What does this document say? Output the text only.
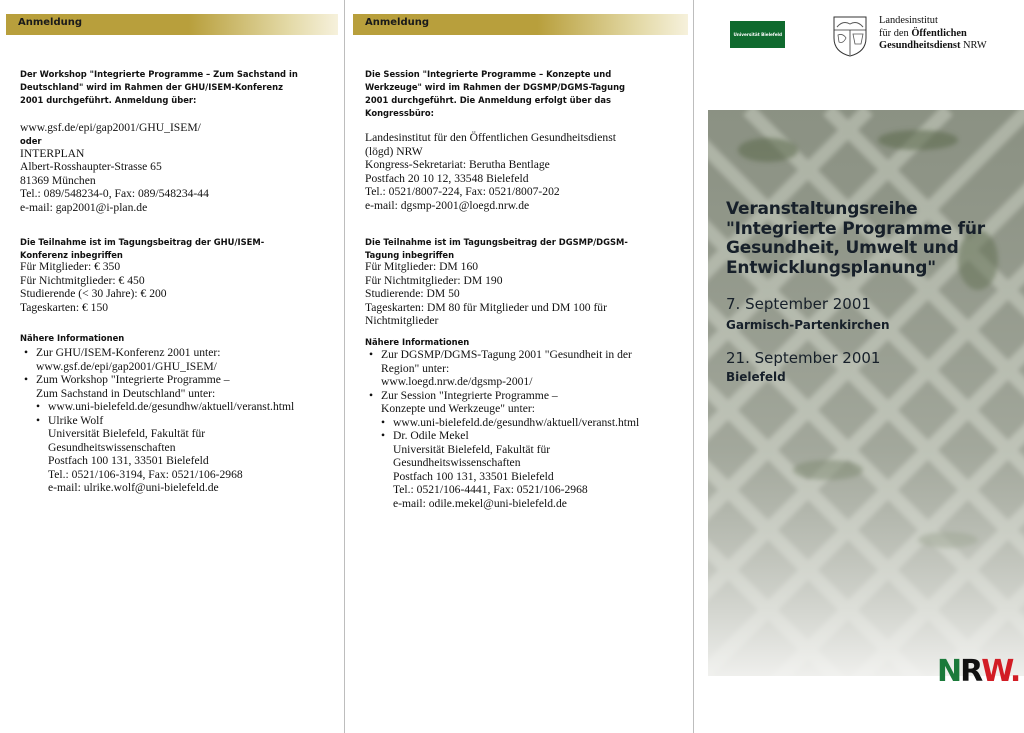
Anmeldung
Der Workshop "Integrierte Programme – Zum Sachstand in
Deutschland" wird im Rahmen der GHU/ISEM-Konferenz
2001 durchgeführt. Anmeldung über:
www.gsf.de/epi/gap2001/GHU_ISEM/
oder
INTERPLAN
Albert-Rosshaupter-Strasse 65
81369 München
Tel.: 089/548234-0, Fax: 089/548234-44
e-mail: gap2001@i-plan.de
Die Teilnahme ist im Tagungsbeitrag der GHU/ISEM-
Konferenz inbegriffen
Für Mitglieder: € 350
Für Nichtmitglieder: € 450
Studierende (< 30 Jahre): € 200
Tageskarten: € 150
Nähere Informationen
• Zur GHU/ISEM-Konferenz 2001 unter:
www.gsf.de/epi/gap2001/GHU_ISEM/
• Zum Workshop "Integrierte Programme –
Zum Sachstand in Deutschland" unter:
• www.uni-bielefeld.de/gesundhw/aktuell/veranst.html
• Ulrike Wolf
Universität Bielefeld, Fakultät für
Gesundheitswissenschaften
Postfach 100 131, 33501 Bielefeld
Tel.: 0521/106-3194, Fax: 0521/106-2968
e-mail: ulrike.wolf@uni-bielefeld.de
Anmeldung
Die Session "Integrierte Programme – Konzepte und
Werkzeuge" wird im Rahmen der DGSMP/DGMS-Tagung
2001 durchgeführt. Die Anmeldung erfolgt über das
Kongressbüro:
Landesinstitut für den Öffentlichen Gesundheitsdienst
(lögd) NRW
Kongress-Sekretariat: Berutha Bentlage
Postfach 20 10 12, 33548 Bielefeld
Tel.: 0521/8007-224, Fax: 0521/8007-202
e-mail: dgsmp-2001@loegd.nrw.de
Die Teilnahme ist im Tagungsbeitrag der DGSMP/DGSM-
Tagung inbegriffen
Für Mitglieder: DM 160
Für Nichtmitglieder: DM 190
Studierende: DM 50
Tageskarten: DM 80 für Mitglieder und DM 100 für
Nichtmitglieder
Nähere Informationen
• Zur DGSMP/DGMS-Tagung 2001 "Gesundheit in der
Region" unter:
www.loegd.nrw.de/dgsmp-2001/
• Zur Session "Integrierte Programme –
Konzepte und Werkzeuge" unter:
• www.uni-bielefeld.de/gesundhw/aktuell/veranst.html
• Dr. Odile Mekel
Universität Bielefeld, Fakultät für
Gesundheitswissenschaften
Postfach 100 131, 33501 Bielefeld
Tel.: 0521/106-4441, Fax: 0521/106-2968
e-mail: odile.mekel@uni-bielefeld.de
Universität Bielefeld
Landesinstitut
für den Öffentlichen
Gesundheitsdienst NRW
Veranstaltungsreihe
"Integrierte Programme für
Gesundheit, Umwelt und
Entwicklungsplanung"
7. September 2001
Garmisch-Partenkirchen
21. September 2001
Bielefeld
NRW.
